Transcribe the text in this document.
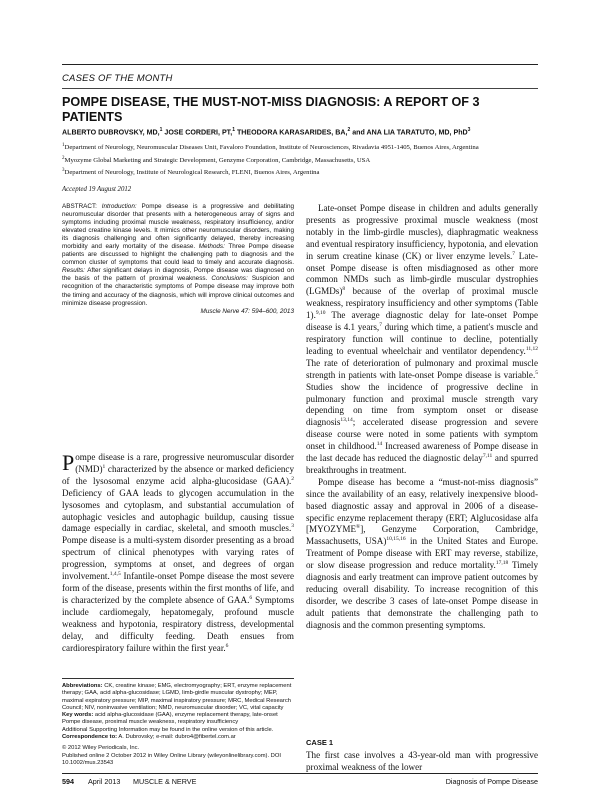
CASES OF THE MONTH
POMPE DISEASE, THE MUST-NOT-MISS DIAGNOSIS: A REPORT OF 3 PATIENTS
ALBERTO DUBROVSKY, MD,$^1$ JOSE CORDERI, PT,$^1$ THEODORA KARASARIDES, BA,$^2$ and ANA LIA TARATUTO, MD, PhD$^3$
$^1$Department of Neurology, Neuromuscular Diseases Unit, Favaloro Foundation, Institute of Neurosciences, Rivadavia 4951-1405, Buenos Aires, Argentina
$^2$Myozyme Global Marketing and Strategic Development, Genzyme Corporation, Cambridge, Massachusetts, USA
$^3$Department of Neurology, Institute of Neurological Research, FLENI, Buenos Aires, Argentina
Accepted 19 August 2012
ABSTRACT: Introduction: Pompe disease is a progressive and debilitating neuromuscular disorder that presents with a heterogeneous array of signs and symptoms including proximal muscle weakness, respiratory insufficiency, and/or elevated creatine kinase levels. It mimics other neuromuscular disorders, making its diagnosis challenging and often significantly delayed, thereby increasing morbidity and early mortality of the disease. Methods: Three Pompe disease patients are discussed to highlight the challenging path to diagnosis and the common cluster of symptoms that could lead to timely and accurate diagnosis. Results: After significant delays in diagnosis, Pompe disease was diagnosed on the basis of the pattern of proximal weakness. Conclusions: Suspicion and recognition of the characteristic symptoms of Pompe disease may improve both the timing and accuracy of the diagnosis, which will improve clinical outcomes and minimize disease progression.
Muscle Nerve 47: 594–600, 2013

Pompe disease is a rare, progressive neuromuscular disorder (NMD)$^1$ characterized by the absence or marked deficiency of the lysosomal enzyme acid alpha-glucosidase (GAA).$^2$ Deficiency of GAA leads to glycogen accumulation in the lysosomes and cytoplasm, and substantial accumulation of autophagic vesicles and autophagic buildup, causing tissue damage especially in cardiac, skeletal, and smooth muscles.$^3$ Pompe disease is a multi-system disorder presenting as a broad spectrum of clinical phenotypes with varying rates of progression, symptoms at onset, and degrees of organ involvement.$^{1,4,5}$ Infantile-onset Pompe disease the most severe form of the disease, presents within the first months of life, and is characterized by the complete absence of GAA.$^6$ Symptoms include cardiomegaly, hepatomegaly, profound muscle weakness and hypotonia, respiratory distress, developmental delay, and difficulty feeding. Death ensues from cardiorespiratory failure within the first year.$^6$

Abbreviations: CK, creatine kinase; EMG, electromyography; ERT, enzyme replacement therapy; GAA, acid alpha-glucosidase; LGMD, limb-girdle muscular dystrophy; MEP, maximal expiratory pressure; MIP, maximal inspiratory pressure; MRC, Medical Research Council; NIV, noninvasive ventilation; NMD, neuromuscular disorder; VC, vital capacity

Key words: acid alpha-glucosidase (GAA), enzyme replacement therapy, late-onset Pompe disease, proximal muscle weakness, respiratory insufficiency

Additional Supporting Information may be found in the online version of this article.

Correspondence to: A. Dubrovsky; e-mail: dubro4@fibertel.com.ar

© 2012 Wiley Periodicals, Inc.

Published online 2 October 2012 in Wiley Online Library (wileyonlinelibrary.com). DOI 10.1002/mus.23543

Late-onset Pompe disease in children and adults generally presents as progressive proximal muscle weakness (most notably in the limb-girdle muscles), diaphragmatic weakness and eventual respiratory insufficiency, hypotonia, and elevation in serum creatine kinase (CK) or liver enzyme levels.$^7$ Late-onset Pompe disease is often misdiagnosed as other more common NMDs such as limb-girdle muscular dystrophies (LGMDs)$^8$ because of the overlap of proximal muscle weakness, respiratory insufficiency and other symptoms (Table 1).$^{9,10}$ The average diagnostic delay for late-onset Pompe disease is 4.1 years,$^7$ during which time, a patient's muscle and respiratory function will continue to decline, potentially leading to eventual wheelchair and ventilator dependency.$^{11,12}$ The rate of deterioration of pulmonary and proximal muscle strength in patients with late-onset Pompe disease is variable.$^5$ Studies show the incidence of progressive decline in pulmonary function and proximal muscle strength vary depending on time from symptom onset or disease diagnosis$^{13,14}$; accelerated disease progression and severe disease course were noted in some patients with symptom onset in childhood.$^{14}$ Increased awareness of Pompe disease in the last decade has reduced the diagnostic delay$^{7,11}$ and spurred breakthroughs in treatment.

Pompe disease has become a “must-not-miss diagnosis” since the availability of an easy, relatively inexpensive blood-based diagnostic assay and approval in 2006 of a disease-specific enzyme replacement therapy (ERT; Alglucosidase alfa [MYOZYME®], Genzyme Corporation, Cambridge, Massachusetts, USA)$^{10,15,16}$ in the United States and Europe. Treatment of Pompe disease with ERT may reverse, stabilize, or slow disease progression and reduce mortality.$^{17,18}$ Timely diagnosis and early treatment can improve patient outcomes by reducing overall disability. To increase recognition of this disorder, we describe 3 cases of late-onset Pompe disease in adult patients that demonstrate the challenging path to diagnosis and the common presenting symptoms.

CASE 1
The first case involves a 43-year-old man with progressive proximal weakness of the lower
594 April 2013 MUSCLE & NERVE	Diagnosis of Pompe Disease
